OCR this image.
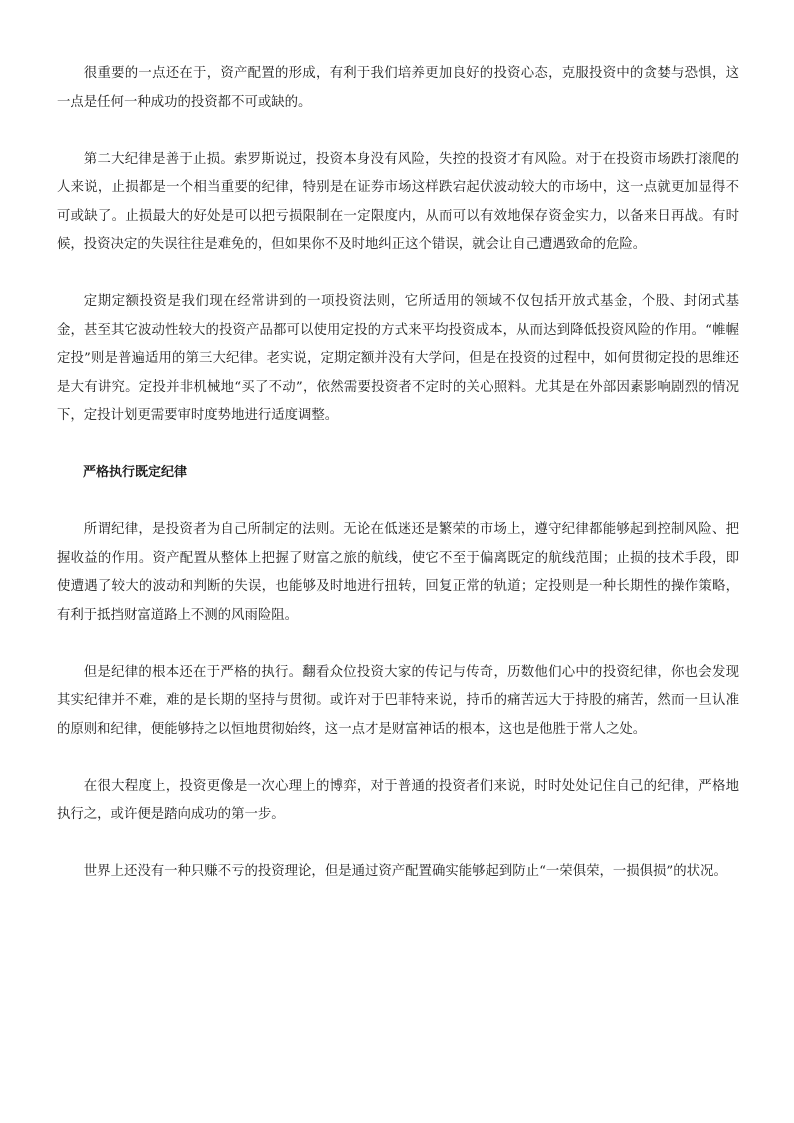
很重要的一点还在于，资产配置的形成，有利于我们培养更加良好的投资心态，克服投资中的贪婪与恐惧，这一点是任何一种成功的投资都不可或缺的。

第二大纪律是善于止损。索罗斯说过，投资本身没有风险，失控的投资才有风险。对于在投资市场跌打滚爬的人来说，止损都是一个相当重要的纪律，特别是在证券市场这样跌宕起伏波动较大的市场中，这一点就更加显得不可或缺了。止损最大的好处是可以把亏损限制在一定限度内，从而可以有效地保存资金实力，以备来日再战。有时候，投资决定的失误往往是难免的，但如果你不及时地纠正这个错误，就会让自己遭遇致命的危险。

定期定额投资是我们现在经常讲到的一项投资法则，它所适用的领域不仅包括开放式基金，个股、封闭式基金，甚至其它波动性较大的投资产品都可以使用定投的方式来平均投资成本，从而达到降低投资风险的作用。“帷幄定投”则是普遍适用的第三大纪律。老实说，定期定额并没有大学问，但是在投资的过程中，如何贯彻定投的思维还是大有讲究。定投并非机械地“买了不动”，依然需要投资者不定时的关心照料。尤其是在外部因素影响剧烈的情况下，定投计划更需要审时度势地进行适度调整。

严格执行既定纪律

所谓纪律，是投资者为自己所制定的法则。无论在低迷还是繁荣的市场上，遵守纪律都能够起到控制风险、把握收益的作用。资产配置从整体上把握了财富之旅的航线，使它不至于偏离既定的航线范围；止损的技术手段，即使遭遇了较大的波动和判断的失误，也能够及时地进行扭转，回复正常的轨道；定投则是一种长期性的操作策略，有利于抵挡财富道路上不测的风雨险阻。

但是纪律的根本还在于严格的执行。翻看众位投资大家的传记与传奇，历数他们心中的投资纪律，你也会发现其实纪律并不难，难的是长期的坚持与贯彻。或许对于巴菲特来说，持币的痛苦远大于持股的痛苦，然而一旦认准的原则和纪律，便能够持之以恒地贯彻始终，这一点才是财富神话的根本，这也是他胜于常人之处。

在很大程度上，投资更像是一次心理上的博弈，对于普通的投资者们来说，时时处处记住自己的纪律，严格地执行之，或许便是踏向成功的第一步。

世界上还没有一种只赚不亏的投资理论，但是通过资产配置确实能够起到防止“一荣俱荣，一损俱损”的状况。
